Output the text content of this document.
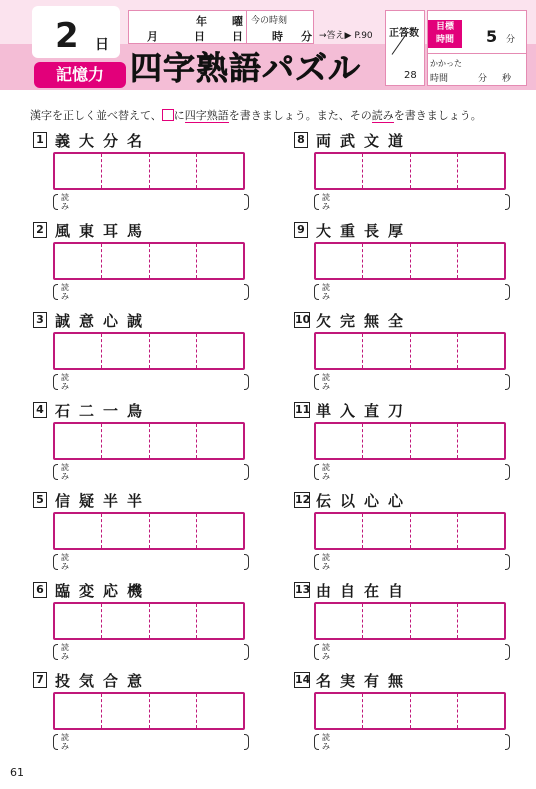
2 日
記憶力
年 曜
月	日 日
今の時刻
時 分 →答え▶ P.90
四字熟語パズル
正答数
28
目標
時間	5 分
かかった
時間	分 秒
漢字を正しく並べ替えて、 に四字熟語を書きましょう。また、その読みを書きましょう。
1 義大分名
読み
2 風東耳馬
読み
3 誠意心誠
読み
4 石二一鳥
読み
5 信疑半半
読み
6 臨変応機
読み
7 投気合意
読み
8 両武文道
読み
9 大重長厚
読み
10 欠完無全
読み
11 単入直刀
読み
12 伝以心心
読み
13 由自在自
読み
14 名実有無
読み
61
